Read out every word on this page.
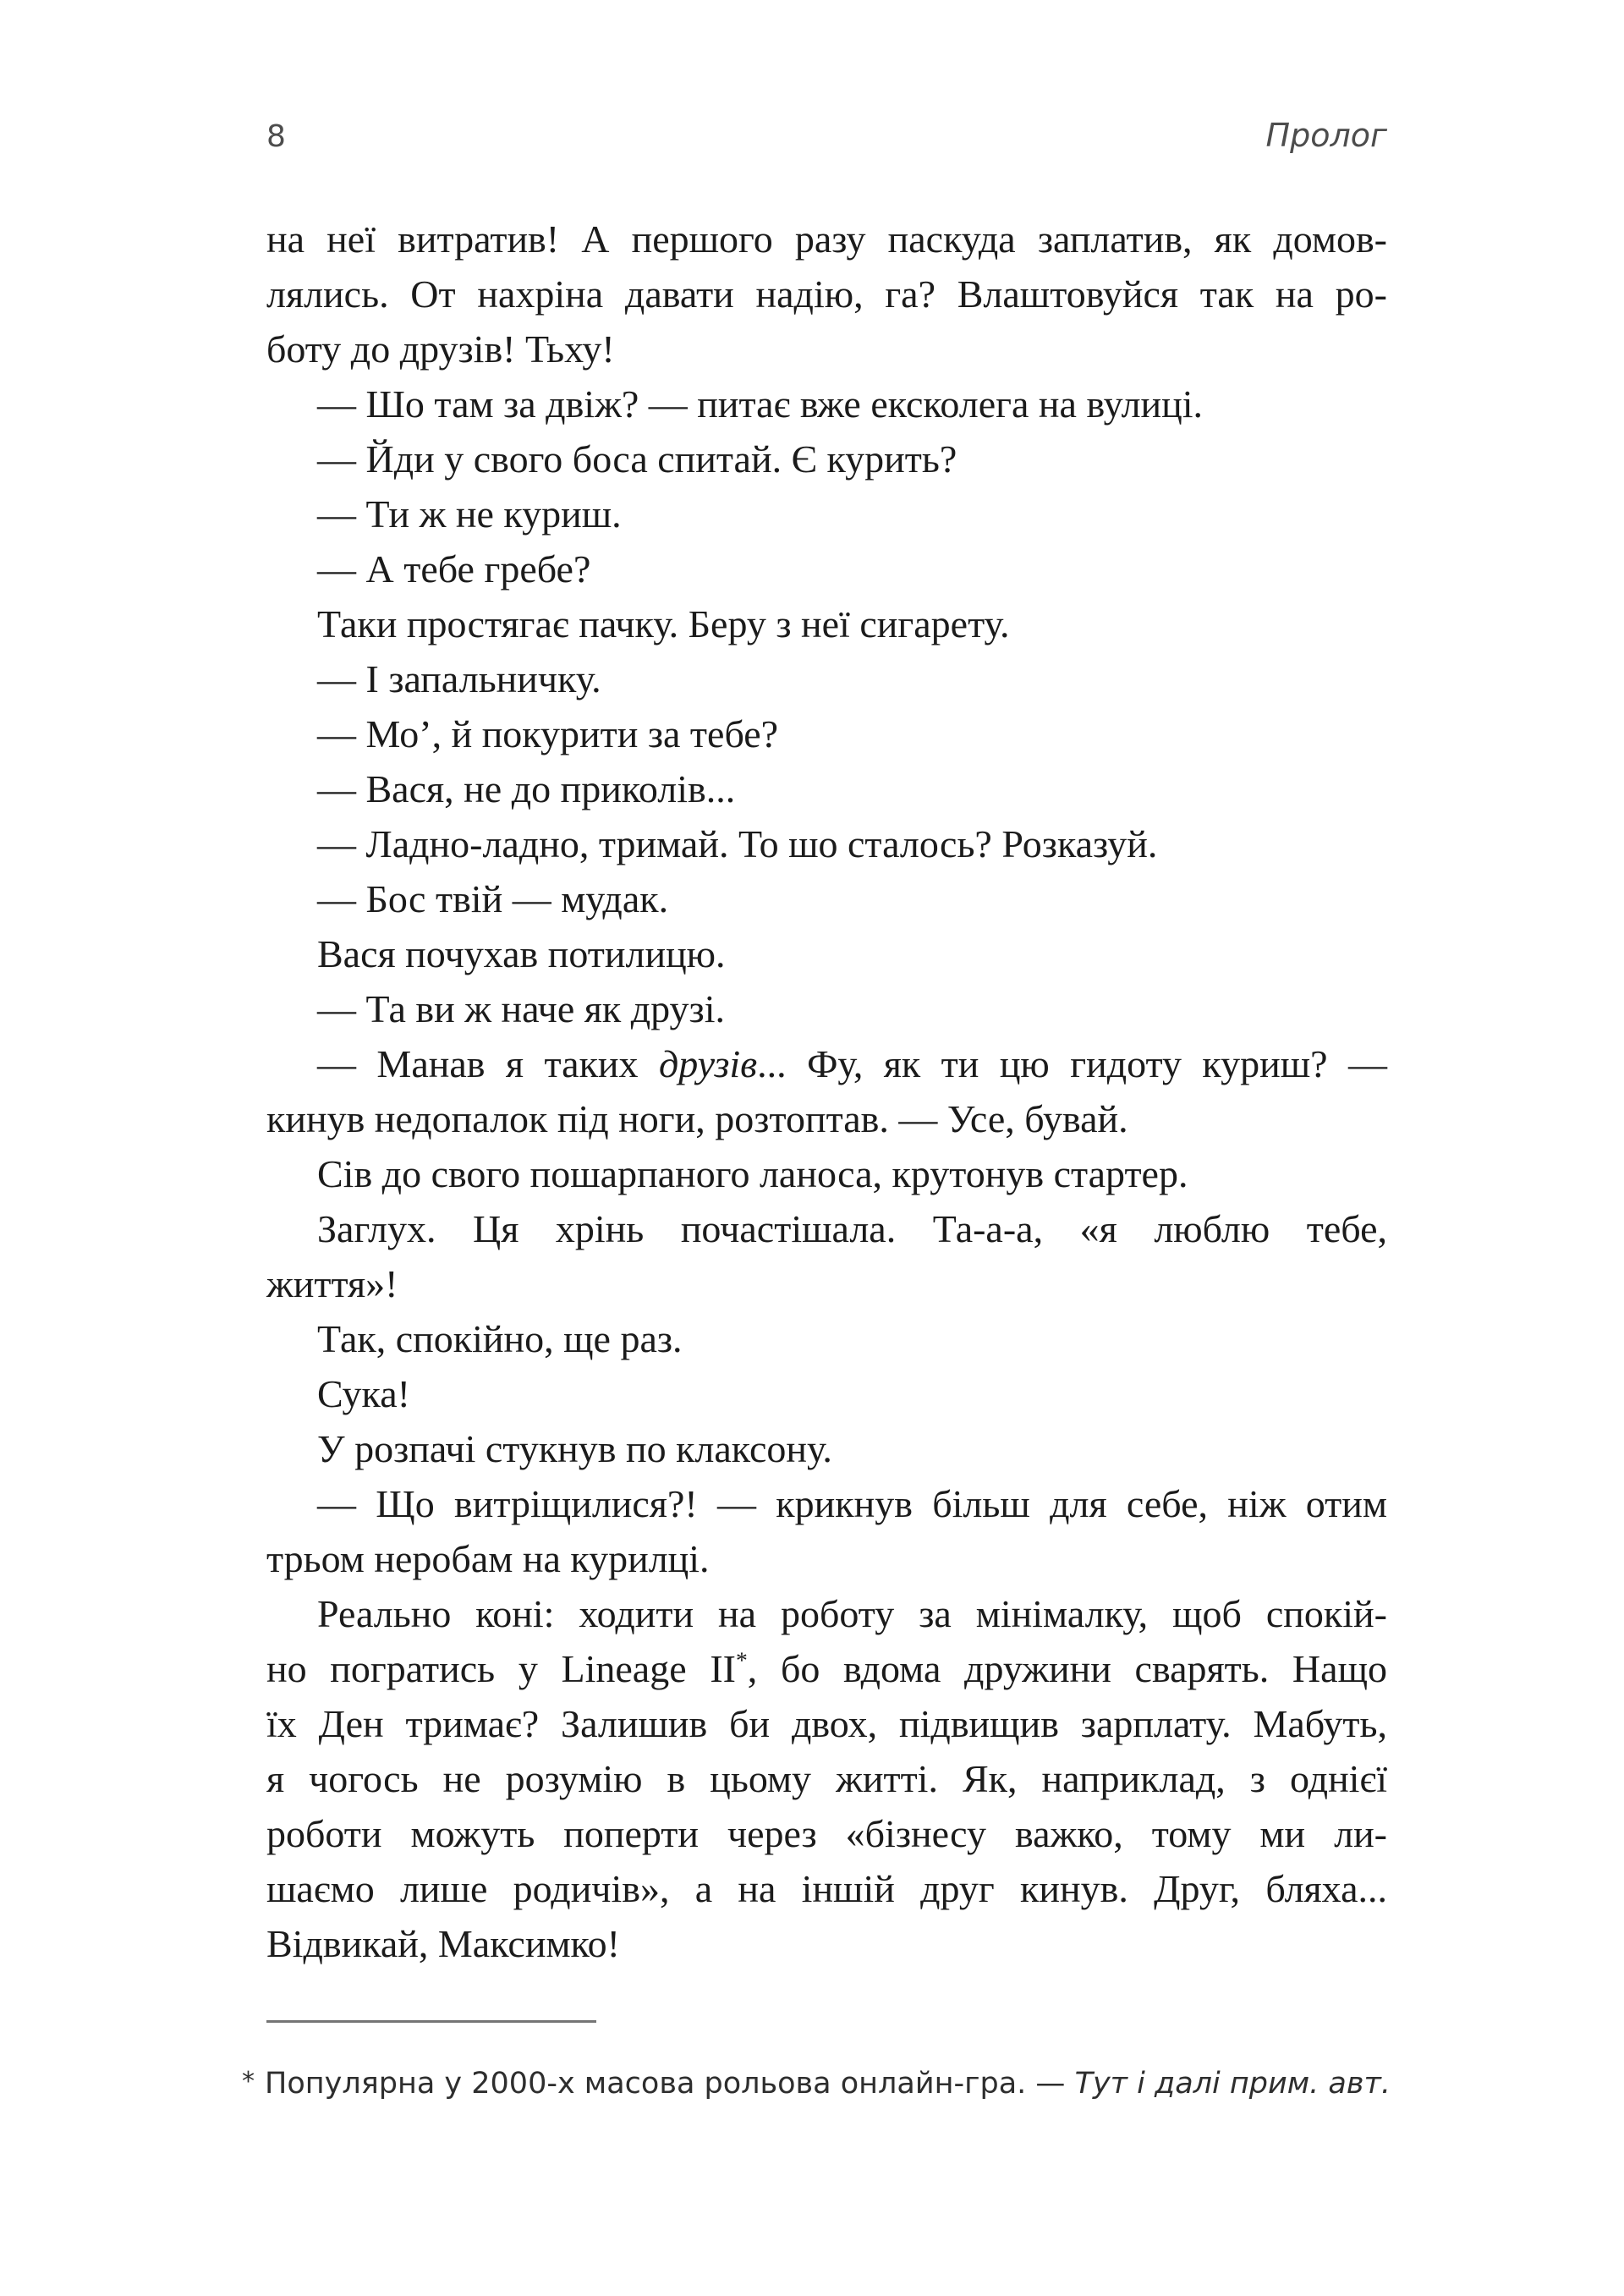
8	Пролог
на неї витратив! А першого разу паскуда заплатив, як домов-
лялись. От нахріна давати надію, га? Влаштовуйся так на ро-
боту до друзів! Тьху!
— Шо там за двіж? — питає вже ексколега на вулиці.
— Йди у свого боса спитай. Є курить?
— Ти ж не куриш.
— А тебе гребе?
Таки простягає пачку. Беру з неї сигарету.
— І запальничку.
— Мо’, й покурити за тебе?
— Вася, не до приколів...
— Ладно-ладно, тримай. То шо сталось? Розказуй.
— Бос твій — мудак.
Вася почухав потилицю.
— Та ви ж наче як друзі.
— Манав я таких друзів... Фу, як ти цю гидоту куриш? —
кинув недопалок під ноги, розтоптав. — Усе, бувай.
Сів до свого пошарпаного ланоса, крутонув стартер.
Заглух. Ця хрінь почастішала. Та-а-а, «я люблю тебе,
життя»!
Так, спокійно, ще раз.
Сука!
У розпачі стукнув по клаксону.
— Що витріщилися?! — крикнув більш для себе, ніж отим
трьом неробам на курилці.
Реально коні: ходити на роботу за мінімалку, щоб спокій-
но погратись у Lineage II*, бо вдома дружини сварять. Нащо
їх Ден тримає? Залишив би двох, підвищив зарплату. Мабуть,
я чогось не розумію в цьому житті. Як, наприклад, з однієї
роботи можуть поперти через «бізнесу важко, тому ми ли-
шаємо лише родичів», а на іншій друг кинув. Друг, бляха...
Відвикай, Максимко!
* Популярна у 2000-х масова рольова онлайн-гра. — Тут і далі прим. авт.
